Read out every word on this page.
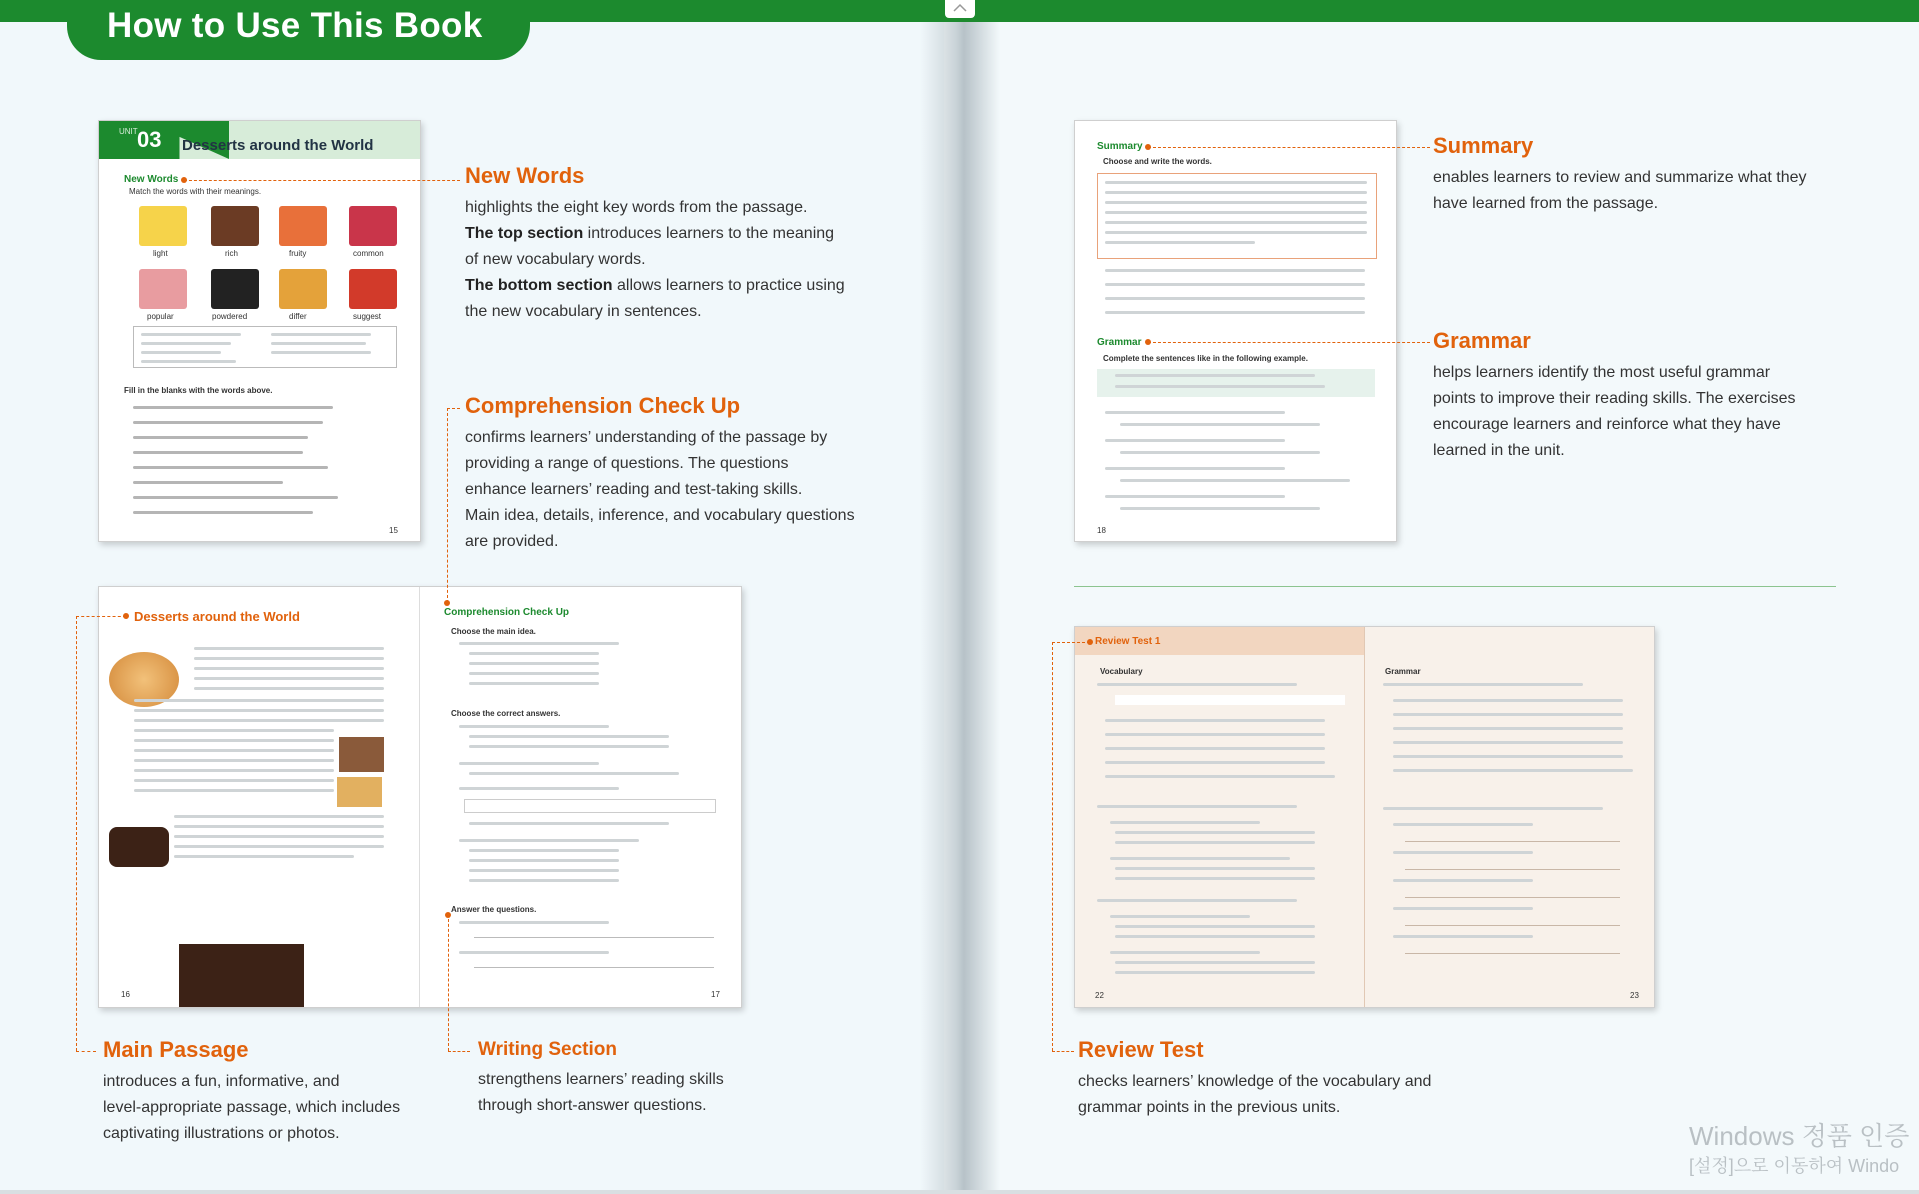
How to Use This Book
UNIT 03 Desserts around the World
New Words
Match the words with their meanings.
light	rich	fruity	common
popular	powdered	differ	suggest
Fill in the blanks with the words above.
15
Desserts around the World
16
Comprehension Check Up
Choose the main idea.
Choose the correct answers.
Answer the questions.
17
Summary
Choose and write the words.
Grammar
Complete the sentences like in the following example.
18
Review Test 1
Vocabulary
22
Grammar
23
New Words
highlights the eight key words from the passage.
The top section introduces learners to the meaning
of new vocabulary words.
The bottom section allows learners to practice using
the new vocabulary in sentences.
Comprehension Check Up
confirms learners’ understanding of the passage by
providing a range of questions. The questions
enhance learners’ reading and test-taking skills.
Main idea, details, inference, and vocabulary questions
are provided.
Main Passage
introduces a fun, informative, and
level-appropriate passage, which includes
captivating illustrations or photos.
Writing Section
strengthens learners’ reading skills
through short-answer questions.
Summary
enables learners to review and summarize what they
have learned from the passage.
Grammar
helps learners identify the most useful grammar
points to improve their reading skills. The exercises
encourage learners and reinforce what they have
learned in the unit.
Review Test
checks learners’ knowledge of the vocabulary and
grammar points in the previous units.
Windows 정품 인증
[설정]으로 이동하여 Windo
